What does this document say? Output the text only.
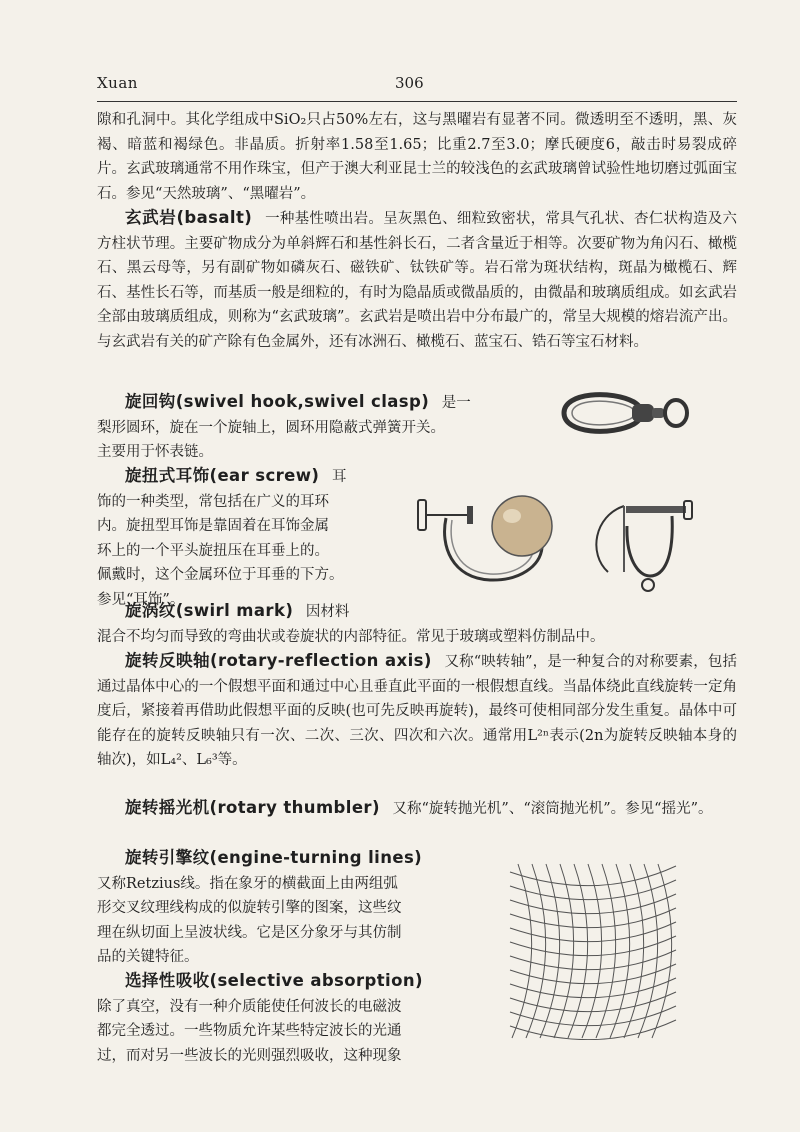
Xuan	306
隙和孔洞中。其化学组成中SiO₂只占50%左右，这与黑曜岩有显著不同。微透明至不透明，黑、灰褐、暗蓝和褐绿色。非晶质。折射率1.58至1.65；比重2.7至3.0；摩氏硬度6，敲击时易裂成碎片。玄武玻璃通常不用作珠宝，但产于澳大利亚昆士兰的较浅色的玄武玻璃曾试验性地切磨过弧面宝石。参见“天然玻璃”、“黑曜岩”。

玄武岩(basalt) 一种基性喷出岩。呈灰黑色、细粒致密状，常具气孔状、杏仁状构造及六方柱状节理。主要矿物成分为单斜辉石和基性斜长石，二者含量近于相等。次要矿物为角闪石、橄榄石、黑云母等，另有副矿物如磷灰石、磁铁矿、钛铁矿等。岩石常为斑状结构，斑晶为橄榄石、辉石、基性长石等，而基质一般是细粒的，有时为隐晶质或微晶质的，由微晶和玻璃质组成。如玄武岩全部由玻璃质组成，则称为“玄武玻璃”。玄武岩是喷出岩中分布最广的，常呈大规模的熔岩流产出。与玄武岩有关的矿产除有色金属外，还有冰洲石、橄榄石、蓝宝石、锆石等宝石材料。

旋回钩(swivel hook,swivel clasp) 是一

梨形圆环，旋在一个旋轴上，圆环用隐蔽式弹簧开关。

主要用于怀表链。

旋扭式耳饰(ear screw) 耳

饰的一种类型，常包括在广义的耳环

内。旋扭型耳饰是靠固着在耳饰金属

环上的一个平头旋扭压在耳垂上的。

佩戴时，这个金属环位于耳垂的下方。

参见“耳饰”。

旋涡纹(swirl mark) 因材料

混合不均匀而导致的弯曲状或卷旋状的内部特征。常见于玻璃或塑料仿制品中。

旋转反映轴(rotary-reflection axis) 又称“映转轴”，是一种复合的对称要素，包括通过晶体中心的一个假想平面和通过中心且垂直此平面的一根假想直线。当晶体绕此直线旋转一定角度后，紧接着再借助此假想平面的反映(也可先反映再旋转)，最终可使相同部分发生重复。晶体中可能存在的旋转反映轴只有一次、二次、三次、四次和六次。通常用L²ⁿ表示(2n为旋转反映轴本身的轴次)，如L₄²、L₆³等。

旋转摇光机(rotary thumbler) 又称“旋转抛光机”、“滚筒抛光机”。参见“摇光”。

旋转引擎纹(engine-turning lines)

又称Retzius线。指在象牙的横截面上由两组弧

形交叉纹理线构成的似旋转引擎的图案，这些纹

理在纵切面上呈波状线。它是区分象牙与其仿制

品的关键特征。

选择性吸收(selective absorption)

除了真空，没有一种介质能使任何波长的电磁波

都完全透过。一些物质允许某些特定波长的光通

过，而对另一些波长的光则强烈吸收，这种现象
